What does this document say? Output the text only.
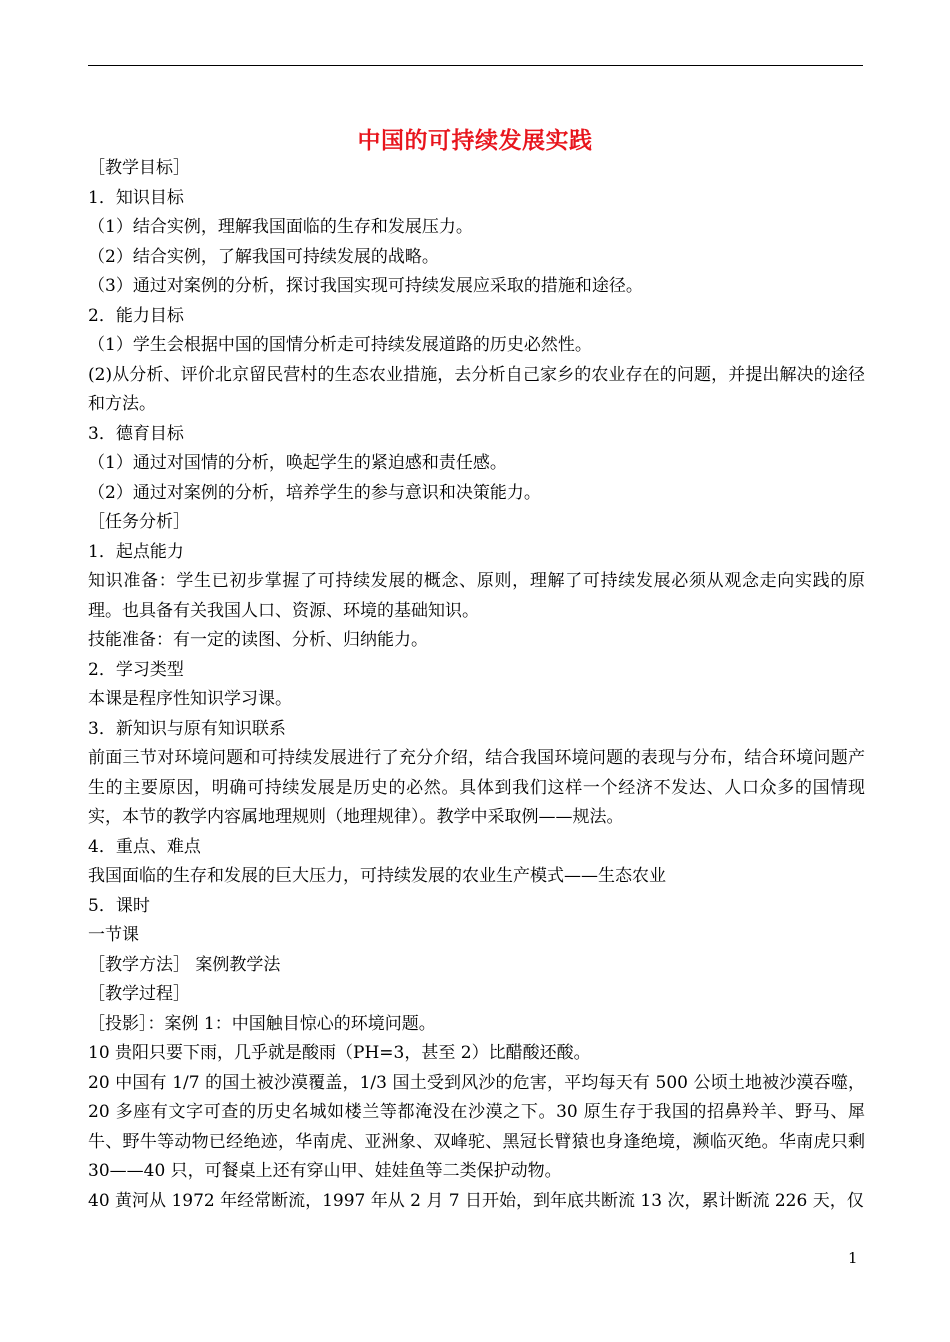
中国的可持续发展实践
［教学目标］
1．知识目标
（1）结合实例，理解我国面临的生存和发展压力。
（2）结合实例，了解我国可持续发展的战略。
（3）通过对案例的分析，探讨我国实现可持续发展应采取的措施和途径。
2．能力目标
（1）学生会根据中国的国情分析走可持续发展道路的历史必然性。
(2)从分析、评价北京留民营村的生态农业措施，去分析自己家乡的农业存在的问题，并提出解决的途径和方法。
3．德育目标
（1）通过对国情的分析，唤起学生的紧迫感和责任感。
（2）通过对案例的分析，培养学生的参与意识和决策能力。
［任务分析］
1．起点能力
知识准备：学生已初步掌握了可持续发展的概念、原则，理解了可持续发展必须从观念走向实践的原理。也具备有关我国人口、资源、环境的基础知识。
技能准备：有一定的读图、分析、归纳能力。
2．学习类型
本课是程序性知识学习课。
3．新知识与原有知识联系
前面三节对环境问题和可持续发展进行了充分介绍，结合我国环境问题的表现与分布，结合环境问题产生的主要原因，明确可持续发展是历史的必然。具体到我们这样一个经济不发达、人口众多的国情现实，本节的教学内容属地理规则（地理规律）。教学中采取例——规法。
4．重点、难点
我国面临的生存和发展的巨大压力，可持续发展的农业生产模式——生态农业
5．课时
一节课
［教学方法］ 案例教学法
［教学过程］
［投影］：案例 1：中国触目惊心的环境问题。
10 贵阳只要下雨，几乎就是酸雨（PH=3，甚至 2）比醋酸还酸。
20 中国有 1/7 的国土被沙漠覆盖，1/3 国土受到风沙的危害，平均每天有 500 公顷土地被沙漠吞噬，20 多座有文字可查的历史名城如楼兰等都淹没在沙漠之下。30 原生存于我国的招鼻羚羊、野马、犀牛、野牛等动物已经绝迹，华南虎、亚洲象、双峰驼、黑冠长臂猿也身逢绝境，濒临灭绝。华南虎只剩 30——40 只，可餐桌上还有穿山甲、娃娃鱼等二类保护动物。
40 黄河从 1972 年经常断流，1997 年从 2 月 7 日开始，到年底共断流 13 次，累计断流 226 天，仅
1
